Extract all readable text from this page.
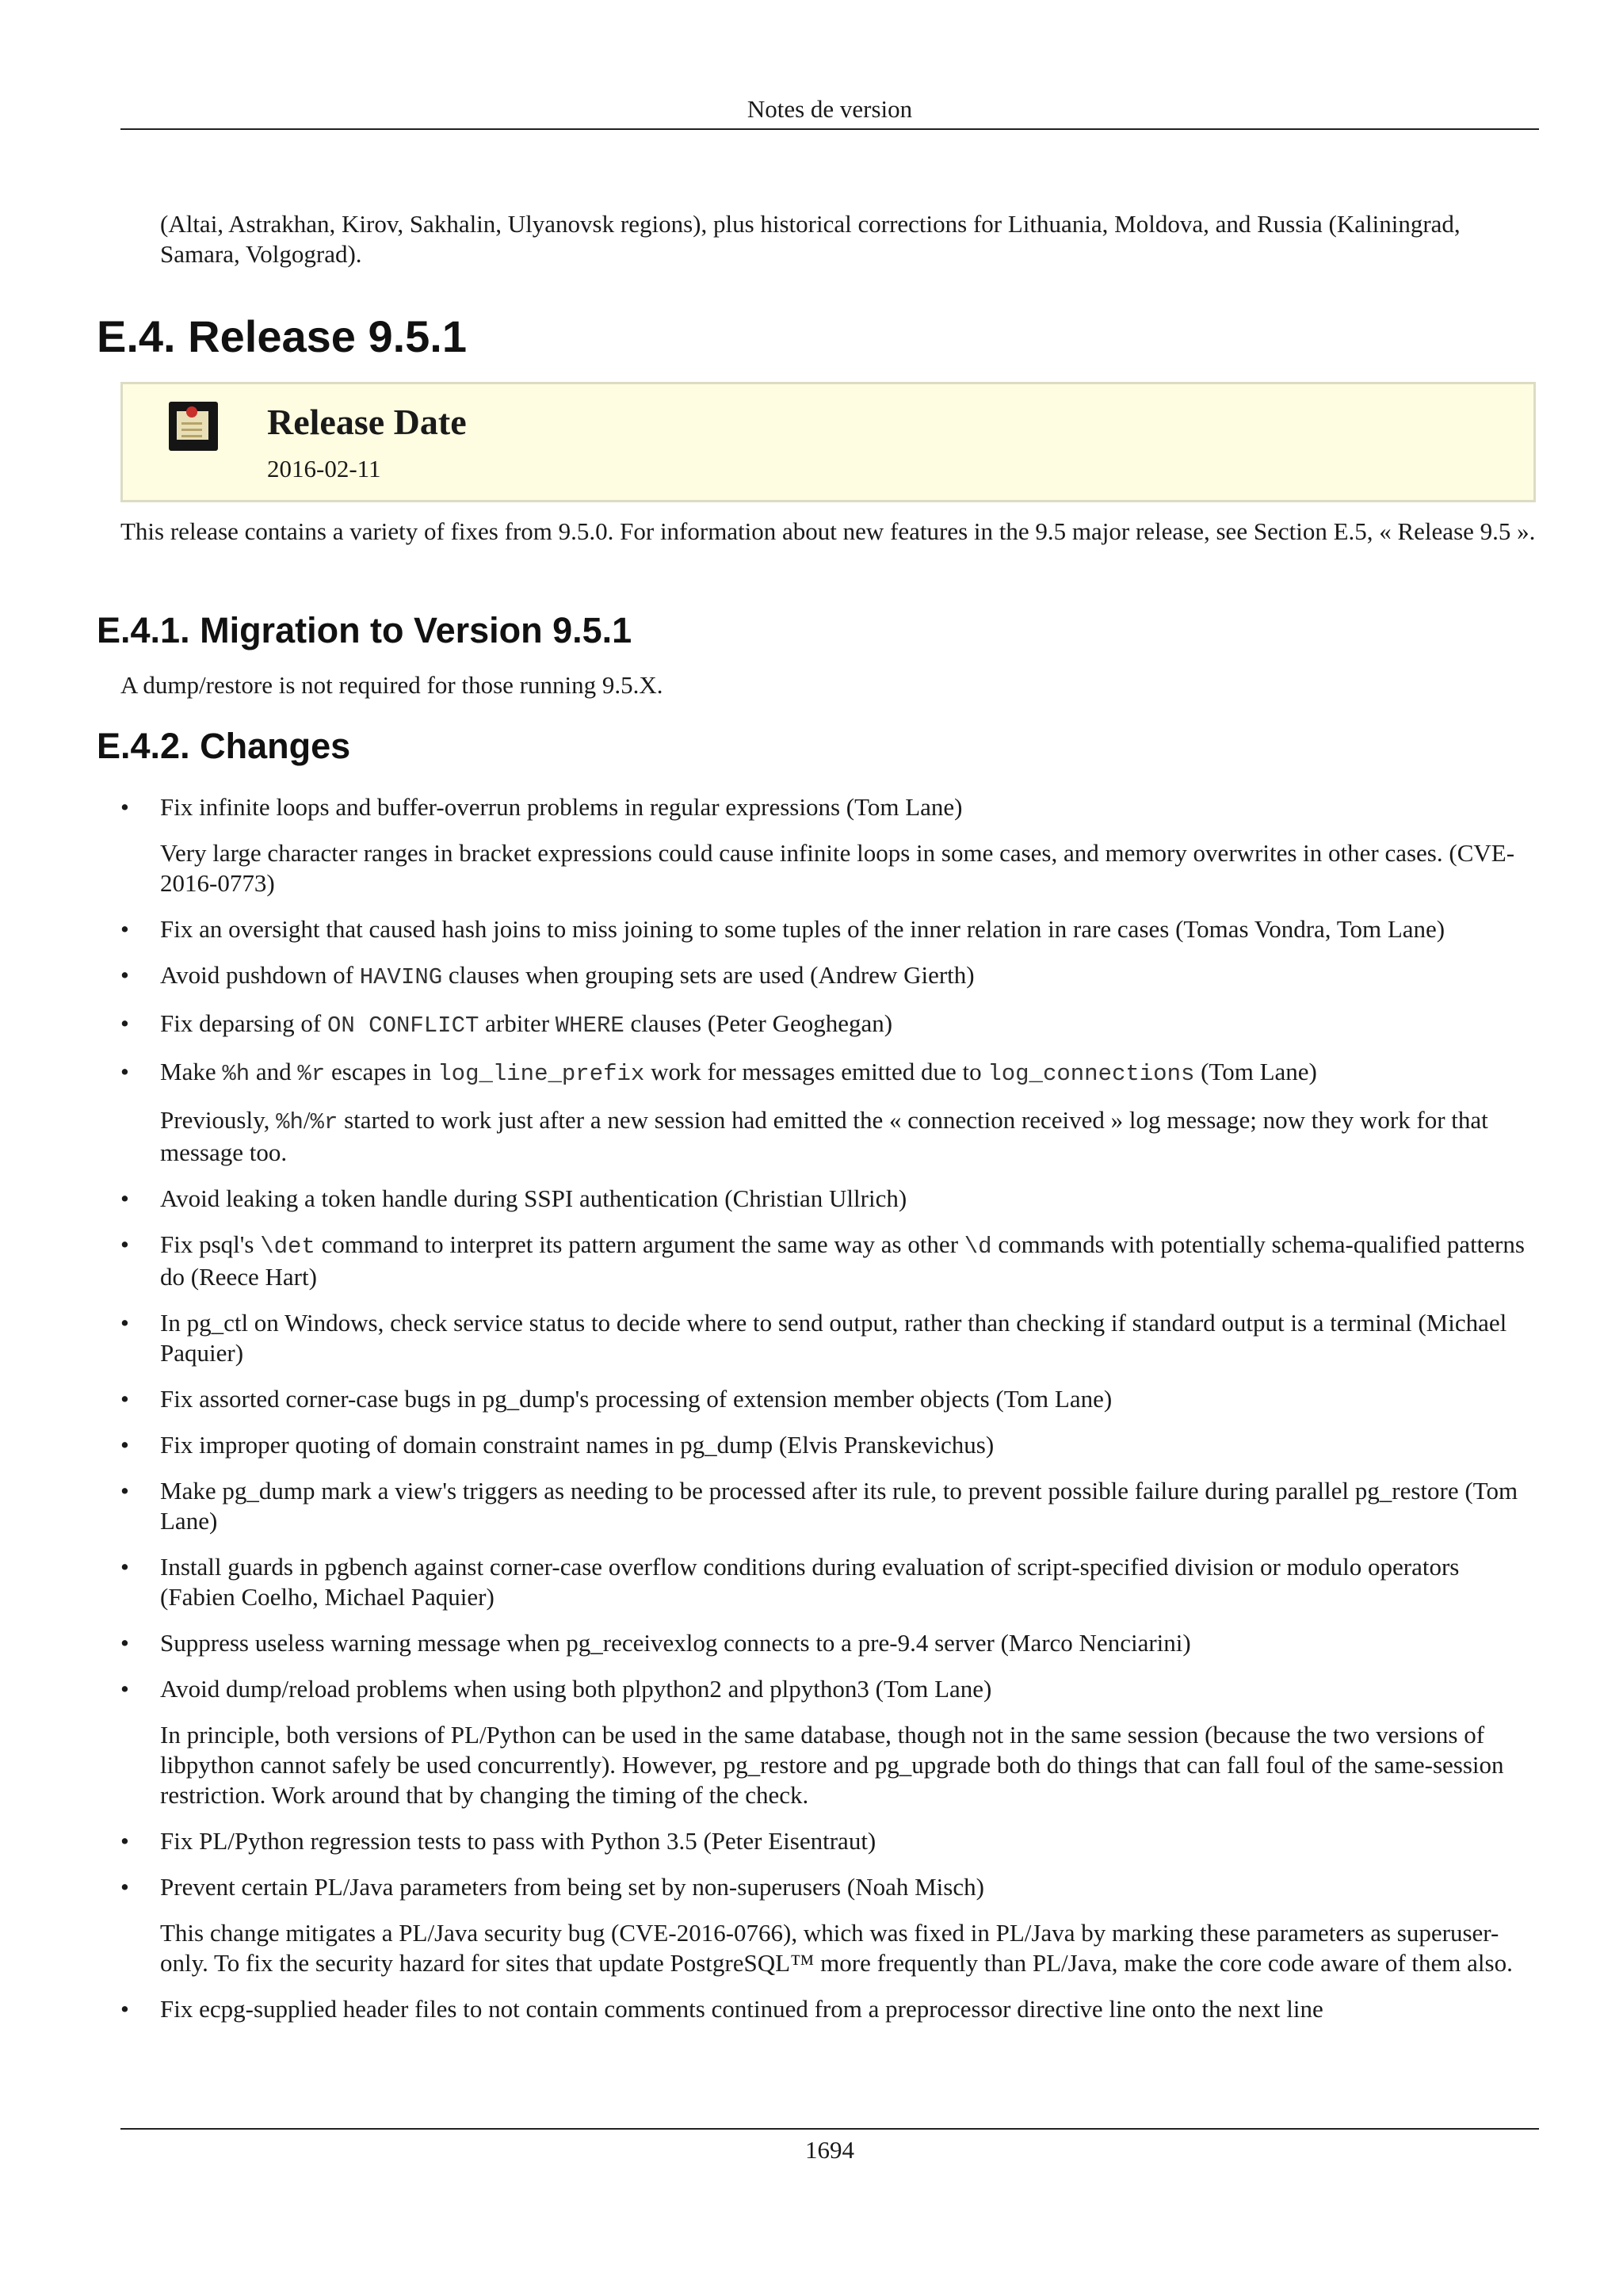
Notes de version

(Altai, Astrakhan, Kirov, Sakhalin, Ulyanovsk regions), plus historical corrections for Lithuania, Moldova, and Russia (Kaliningrad, Samara, Volgograd).

E.4. Release 9.5.1

Release Date

2016-02-11

This release contains a variety of fixes from 9.5.0. For information about new features in the 9.5 major release, see Section E.5, « Release 9.5 ».

E.4.1. Migration to Version 9.5.1

A dump/restore is not required for those running 9.5.X.

E.4.2. Changes
• Fix infinite loops and buffer-overrun problems in regular expressions (Tom Lane)
Very large character ranges in bracket expressions could cause infinite loops in some cases, and memory overwrites in other cases. (CVE-2016-0773)
• Fix an oversight that caused hash joins to miss joining to some tuples of the inner relation in rare cases (Tomas Vondra, Tom Lane)
• Avoid pushdown of HAVING clauses when grouping sets are used (Andrew Gierth)
• Fix deparsing of ON CONFLICT arbiter WHERE clauses (Peter Geoghegan)
• Make %h and %r escapes in log_line_prefix work for messages emitted due to log_connections (Tom Lane)
Previously, %h/%r started to work just after a new session had emitted the « connection received » log message; now they work for that message too.
• Avoid leaking a token handle during SSPI authentication (Christian Ullrich)
• Fix psql's \det command to interpret its pattern argument the same way as other \d commands with potentially schema-qualified patterns do (Reece Hart)
• In pg_ctl on Windows, check service status to decide where to send output, rather than checking if standard output is a terminal (Michael Paquier)
• Fix assorted corner-case bugs in pg_dump's processing of extension member objects (Tom Lane)
• Fix improper quoting of domain constraint names in pg_dump (Elvis Pranskevichus)
• Make pg_dump mark a view's triggers as needing to be processed after its rule, to prevent possible failure during parallel pg_restore (Tom Lane)
• Install guards in pgbench against corner-case overflow conditions during evaluation of script-specified division or modulo operators (Fabien Coelho, Michael Paquier)
• Suppress useless warning message when pg_receivexlog connects to a pre-9.4 server (Marco Nenciarini)
• Avoid dump/reload problems when using both plpython2 and plpython3 (Tom Lane)
In principle, both versions of PL/Python can be used in the same database, though not in the same session (because the two versions of libpython cannot safely be used concurrently). However, pg_restore and pg_upgrade both do things that can fall foul of the same-session restriction. Work around that by changing the timing of the check.
• Fix PL/Python regression tests to pass with Python 3.5 (Peter Eisentraut)
• Prevent certain PL/Java parameters from being set by non-superusers (Noah Misch)
This change mitigates a PL/Java security bug (CVE-2016-0766), which was fixed in PL/Java by marking these parameters as superuser-only. To fix the security hazard for sites that update PostgreSQL™ more frequently than PL/Java, make the core code aware of them also.
• Fix ecpg-supplied header files to not contain comments continued from a preprocessor directive line onto the next line
1694
